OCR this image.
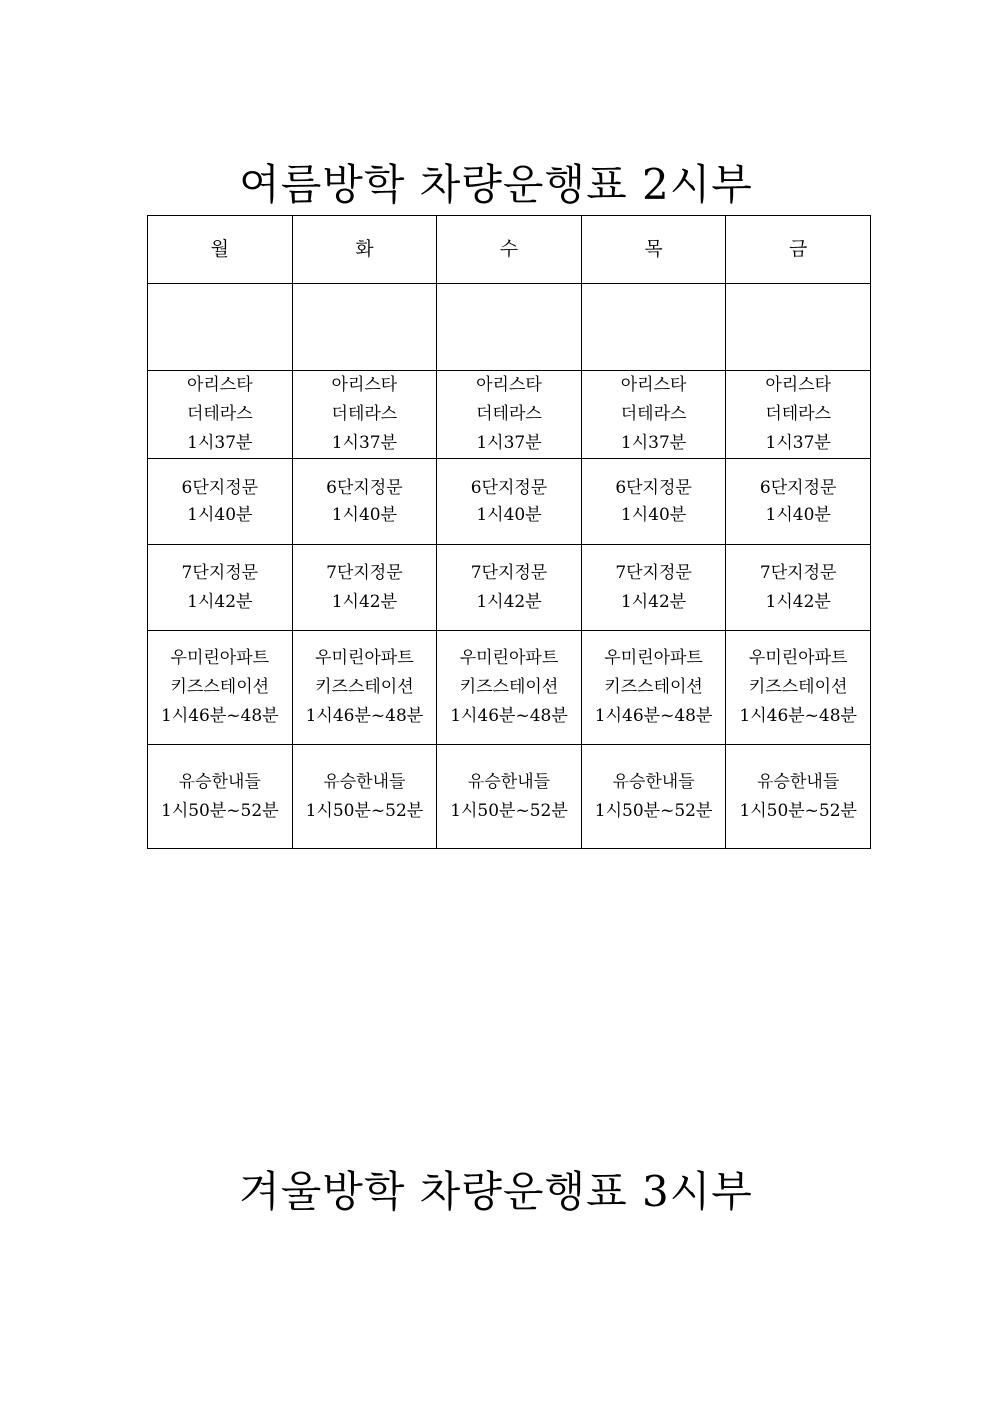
여름방학 차량운행표 2시부
월	화	수	목	금

아리스타
더테라스
1시37분	아리스타
더테라스
1시37분	아리스타
더테라스
1시37분	아리스타
더테라스
1시37분	아리스타
더테라스
1시37분

6단지정문
1시40분	6단지정문
1시40분	6단지정문
1시40분	6단지정문
1시40분	6단지정문
1시40분

7단지정문
1시42분	7단지정문
1시42분	7단지정문
1시42분	7단지정문
1시42분	7단지정문
1시42분

우미린아파트
키즈스테이션
1시46분~48분	우미린아파트
키즈스테이션
1시46분~48분	우미린아파트
키즈스테이션
1시46분~48분	우미린아파트
키즈스테이션
1시46분~48분	우미린아파트
키즈스테이션
1시46분~48분

유승한내들
1시50분~52분	유승한내들
1시50분~52분	유승한내들
1시50분~52분	유승한내들
1시50분~52분	유승한내들
1시50분~52분
겨울방학 차량운행표 3시부
